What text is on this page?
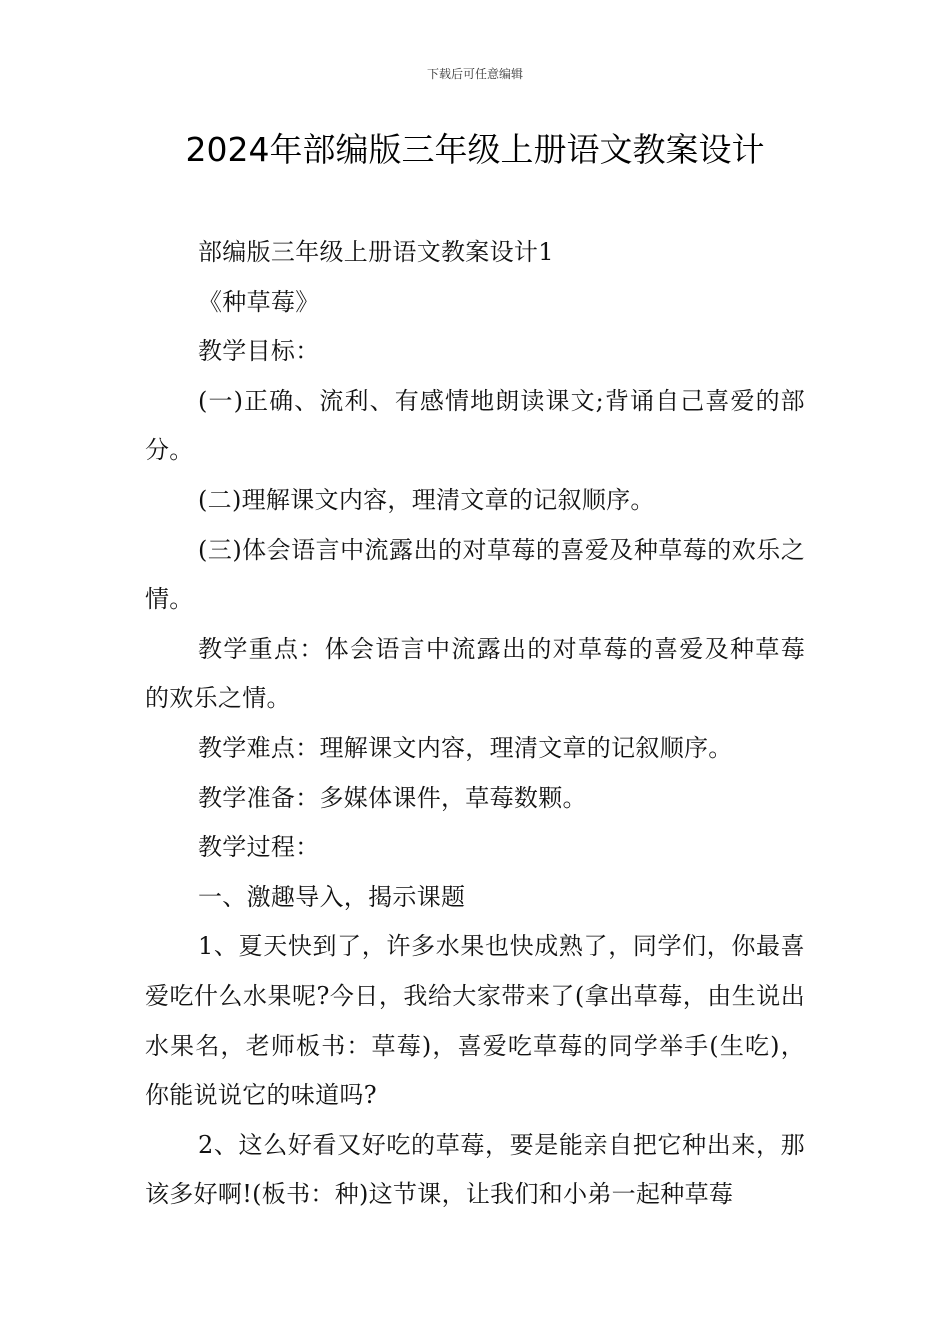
下载后可任意编辑
2024年部编版三年级上册语文教案设计

部编版三年级上册语文教案设计1

《种草莓》

教学目标：

(一)正确、流利、有感情地朗读课文;背诵自己喜爱的部分。

(二)理解课文内容，理清文章的记叙顺序。

(三)体会语言中流露出的对草莓的喜爱及种草莓的欢乐之情。

教学重点：体会语言中流露出的对草莓的喜爱及种草莓的欢乐之情。

教学难点：理解课文内容，理清文章的记叙顺序。

教学准备：多媒体课件，草莓数颗。

教学过程：

一、激趣导入，揭示课题

1、夏天快到了，许多水果也快成熟了，同学们，你最喜爱吃什么水果呢?今日，我给大家带来了(拿出草莓，由生说出水果名，老师板书：草莓)，喜爱吃草莓的同学举手(生吃)，你能说说它的味道吗?

2、这么好看又好吃的草莓，要是能亲自把它种出来，那该多好啊!(板书：种)这节课，让我们和小弟一起种草莓
